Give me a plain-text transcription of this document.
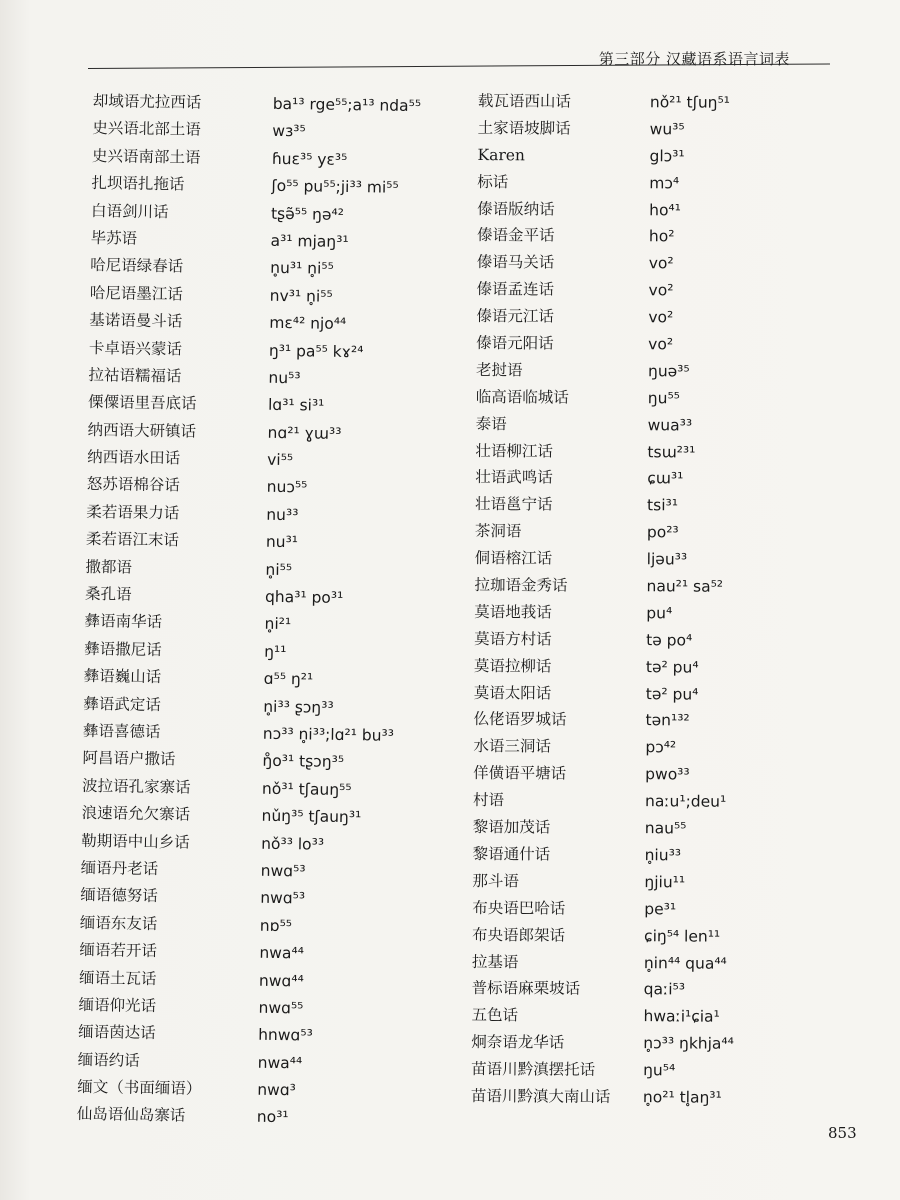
第三部分 汉藏语系语言词表
却域语尤拉西话	ba¹³ rge⁵⁵;a¹³ nda⁵⁵
史兴语北部土语	wɜ³⁵
史兴语南部土语	ɦuɛ³⁵ yɛ³⁵
扎坝语扎拖话	ʃo⁵⁵ pu⁵⁵;ji³³ mi⁵⁵
白语剑川话	tʂə̃⁵⁵ ŋə⁴²
毕苏语	a³¹ mjaŋ³¹
哈尼语绿春话	n̥u³¹ n̥i⁵⁵
哈尼语墨江话	nv³¹ n̥i⁵⁵
基诺语曼斗话	mɛ⁴² njo⁴⁴
卡卓语兴蒙话	ŋ³¹ pa⁵⁵ kɤ²⁴
拉祜语糯福话	nu⁵³
傈僳语里吾底话	lɑ³¹ si³¹
纳西语大研镇话	nɑ²¹ ɣɯ³³
纳西语水田话	vi⁵⁵
怒苏语棉谷话	nuɔ⁵⁵
柔若语果力话	nu³³
柔若语江末话	nu³¹
撒都语	n̥i⁵⁵
桑孔语	qha³¹ po³¹
彝语南华话	n̥i²¹
彝语撒尼话	ŋ¹¹
彝语巍山话	ɑ⁵⁵ ŋ²¹
彝语武定话	n̥i³³ ʂɔŋ³³
彝语喜德话	nɔ³³ n̥i³³;lɑ²¹ bu³³
阿昌语户撒话	ŋ̊o³¹ tʂɔŋ³⁵
波拉语孔家寨话	nǒ³¹ tʃauŋ⁵⁵
浪速语允欠寨话	nǔŋ³⁵ tʃauŋ³¹
勒期语中山乡话	nǒ³³ lo³³
缅语丹老话	nwɑ⁵³
缅语德努话	nwɑ⁵³
缅语东友话	nɒ⁵⁵
缅语若开话	nwa⁴⁴
缅语土瓦话	nwɑ⁴⁴
缅语仰光话	nwɑ⁵⁵
缅语茵达话	hnwɑ⁵³
缅语约话	nwa⁴⁴
缅文（书面缅语）	nwɑ³
仙岛语仙岛寨话	no³¹
载瓦语西山话	nǒ²¹ tʃuŋ⁵¹
土家语坡脚话	wu³⁵
Karen	glɔ³¹
标话	mɔ⁴
傣语版纳话	ho⁴¹
傣语金平话	ho²
傣语马关话	vo²
傣语孟连话	vo²
傣语元江话	vo²
傣语元阳话	vo²
老挝语	ŋuə³⁵
临高语临城话	ŋu⁵⁵
泰语	wua³³
壮语柳江话	tsɯ²³¹
壮语武鸣话	ɕɯ³¹
壮语邕宁话	tsi³¹
茶洞语	po²³
侗语榕江话	ljəu³³
拉珈语金秀话	nau²¹ sa⁵²
莫语地莪话	pu⁴
莫语方村话	tə po⁴
莫语拉柳话	tə² pu⁴
莫语太阳话	tə² pu⁴
仫佬语罗城话	tən¹³²
水语三洞话	pɔ⁴²
佯僙语平塘话	pwo³³
村语	naːu¹;deu¹
黎语加茂话	nau⁵⁵
黎语通什话	n̥iu³³
那斗语	ŋjiu¹¹
布央语巴哈话	pe³¹
布央语郎架话	ɕiŋ⁵⁴ len¹¹
拉基语	n̥in⁴⁴ qua⁴⁴
普标语麻栗坡话	qaːi⁵³
五色话	hwaːi¹ɕia¹
炯奈语龙华话	n̥ɔ³³ ŋkhja⁴⁴
苗语川黔滇摆托话	ŋu⁵⁴
苗语川黔滇大南山话 n̥o²¹ tl̥aŋ³¹
853
